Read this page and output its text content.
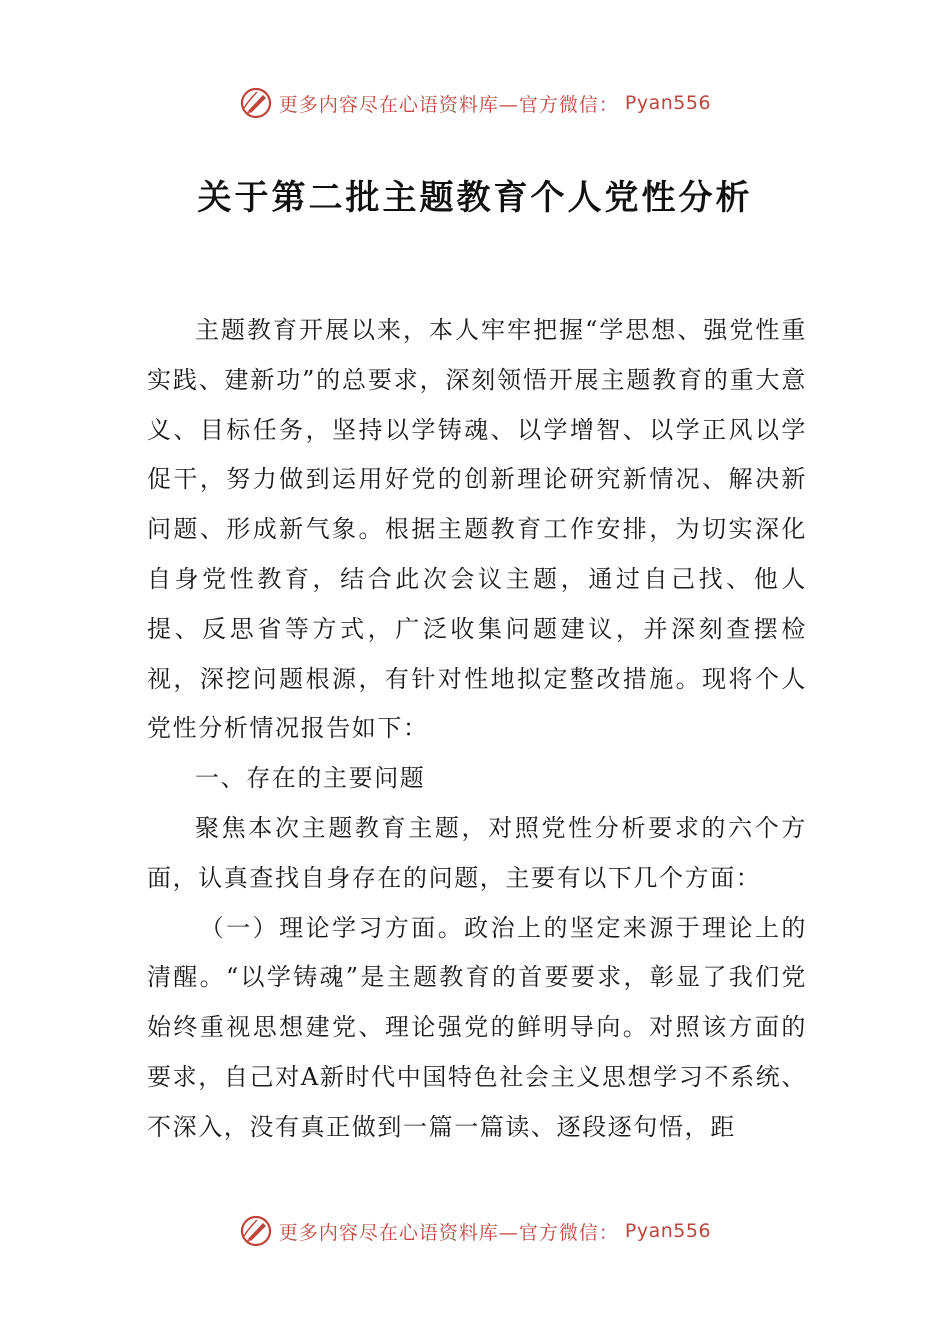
更多内容尽在心语资料库—官方微信： Pyan556
关于第二批主题教育个人党性分析

主题教育开展以来，本人牢牢把握“学思想、强党性重实践、建新功”的总要求，深刻领悟开展主题教育的重大意义、目标任务，坚持以学铸魂、以学增智、以学正风以学促干，努力做到运用好党的创新理论研究新情况、解决新问题、形成新气象。根据主题教育工作安排，为切实深化自身党性教育，结合此次会议主题，通过自己找、他人提、反思省等方式，广泛收集问题建议，并深刻查摆检视，深挖问题根源，有针对性地拟定整改措施。现将个人党性分析情况报告如下：

一、存在的主要问题

聚焦本次主题教育主题，对照党性分析要求的六个方面，认真查找自身存在的问题，主要有以下几个方面：

（一）理论学习方面。政治上的坚定来源于理论上的清醒。“以学铸魂”是主题教育的首要要求，彰显了我们党始终重视思想建党、理论强党的鲜明导向。对照该方面的要求，自己对A新时代中国特色社会主义思想学习不系统、不深入，没有真正做到一篇一篇读、逐段逐句悟，距

更多内容尽在心语资料库—官方微信： Pyan556
